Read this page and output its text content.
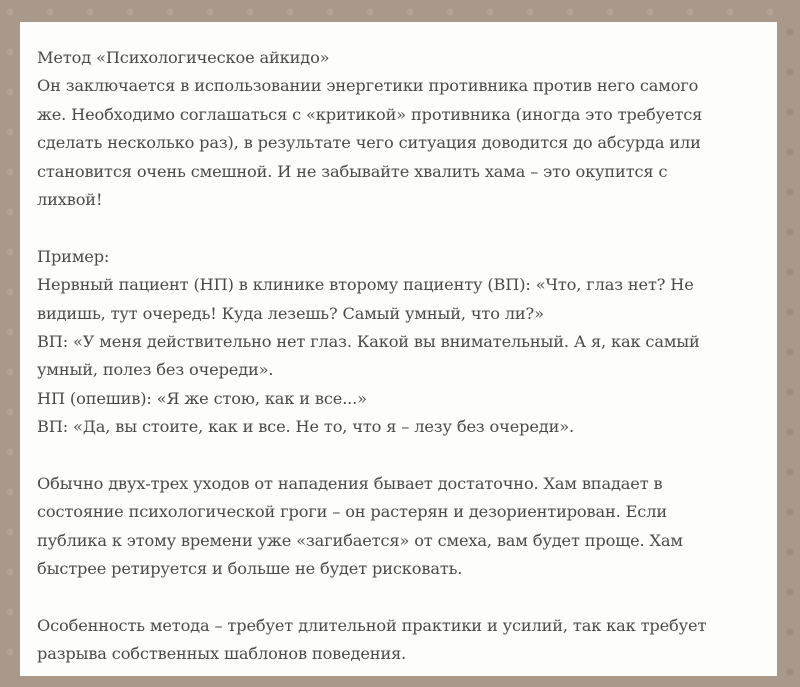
Метод «Психологическое айкидо»
Он заключается в использовании энергетики противника против него самого
же. Необходимо соглашаться с «критикой» противника (иногда это требуется
сделать несколько раз), в результате чего ситуация доводится до абсурда или
становится очень смешной. И не забывайте хвалить хама – это окупится с
лихвой!
Пример:
Нервный пациент (НП) в клинике второму пациенту (ВП): «Что, глаз нет? Не
видишь, тут очередь! Куда лезешь? Самый умный, что ли?»
ВП: «У меня действительно нет глаз. Какой вы внимательный. А я, как самый
умный, полез без очереди».
НП (опешив): «Я же стою, как и все...»
ВП: «Да, вы стоите, как и все. Не то, что я – лезу без очереди».
Обычно двух-трех уходов от нападения бывает достаточно. Хам впадает в
состояние психологической гроги – он растерян и дезориентирован. Если
публика к этому времени уже «загибается» от смеха, вам будет проще. Хам
быстрее ретируется и больше не будет рисковать.
Особенность метода – требует длительной практики и усилий, так как требует
разрыва собственных шаблонов поведения.
